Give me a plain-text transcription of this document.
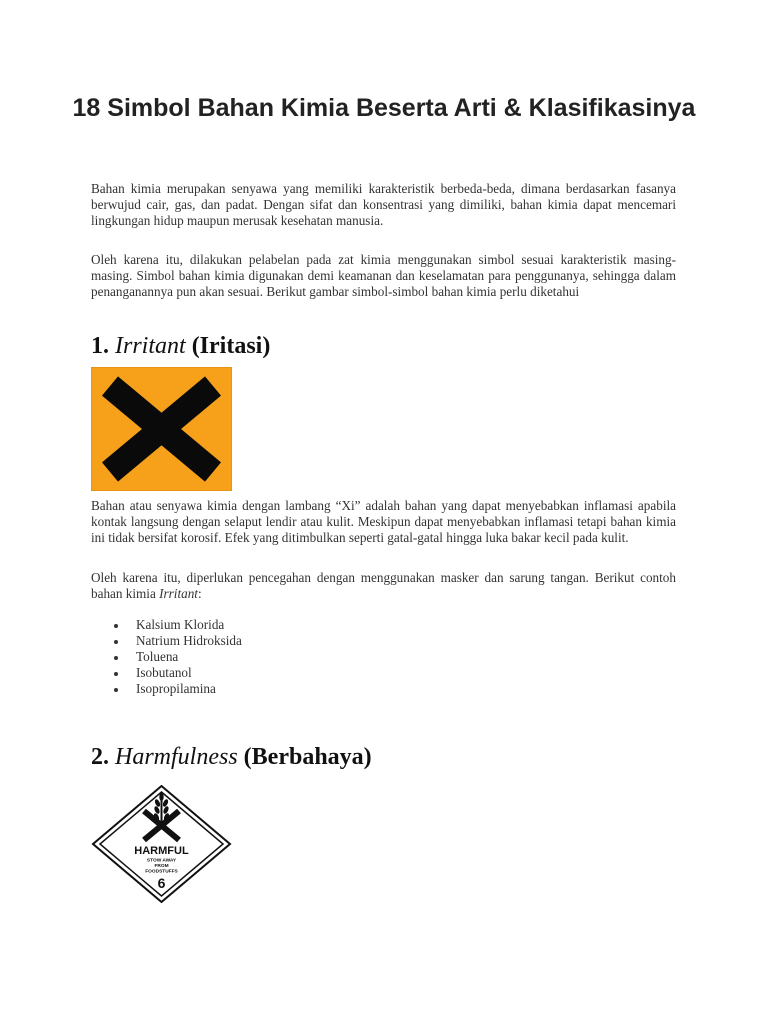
18 Simbol Bahan Kimia Beserta Arti & Klasifikasinya

Bahan kimia merupakan senyawa yang memiliki karakteristik berbeda-beda, dimana berdasarkan fasanya berwujud cair, gas, dan padat. Dengan sifat dan konsentrasi yang dimiliki, bahan kimia dapat mencemari lingkungan hidup maupun merusak kesehatan manusia.

Oleh karena itu, dilakukan pelabelan pada zat kimia menggunakan simbol sesuai karakteristik masing- masing. Simbol bahan kimia digunakan demi keamanan dan keselamatan para penggunanya, sehingga dalam penanganannya pun akan sesuai. Berikut gambar simbol-simbol bahan kimia perlu diketahui

1. Irritant (Iritasi)

Bahan atau senyawa kimia dengan lambang “Xi” adalah bahan yang dapat menyebabkan inflamasi apabila kontak langsung dengan selaput lendir atau kulit. Meskipun dapat menyebabkan inflamasi tetapi bahan kimia ini tidak bersifat korosif. Efek yang ditimbulkan seperti gatal-gatal hingga luka bakar kecil pada kulit.

Oleh karena itu, diperlukan pencegahan dengan menggunakan masker dan sarung tangan. Berikut contoh bahan kimia Irritant:

Kalsium Klorida
Natrium Hidroksida
Toluena
Isobutanol
Isopropilamina
2. Harmfulness (Berbahaya)
HARMFUL
STOW AWAY
FROM
FOODSTUFFS
6
